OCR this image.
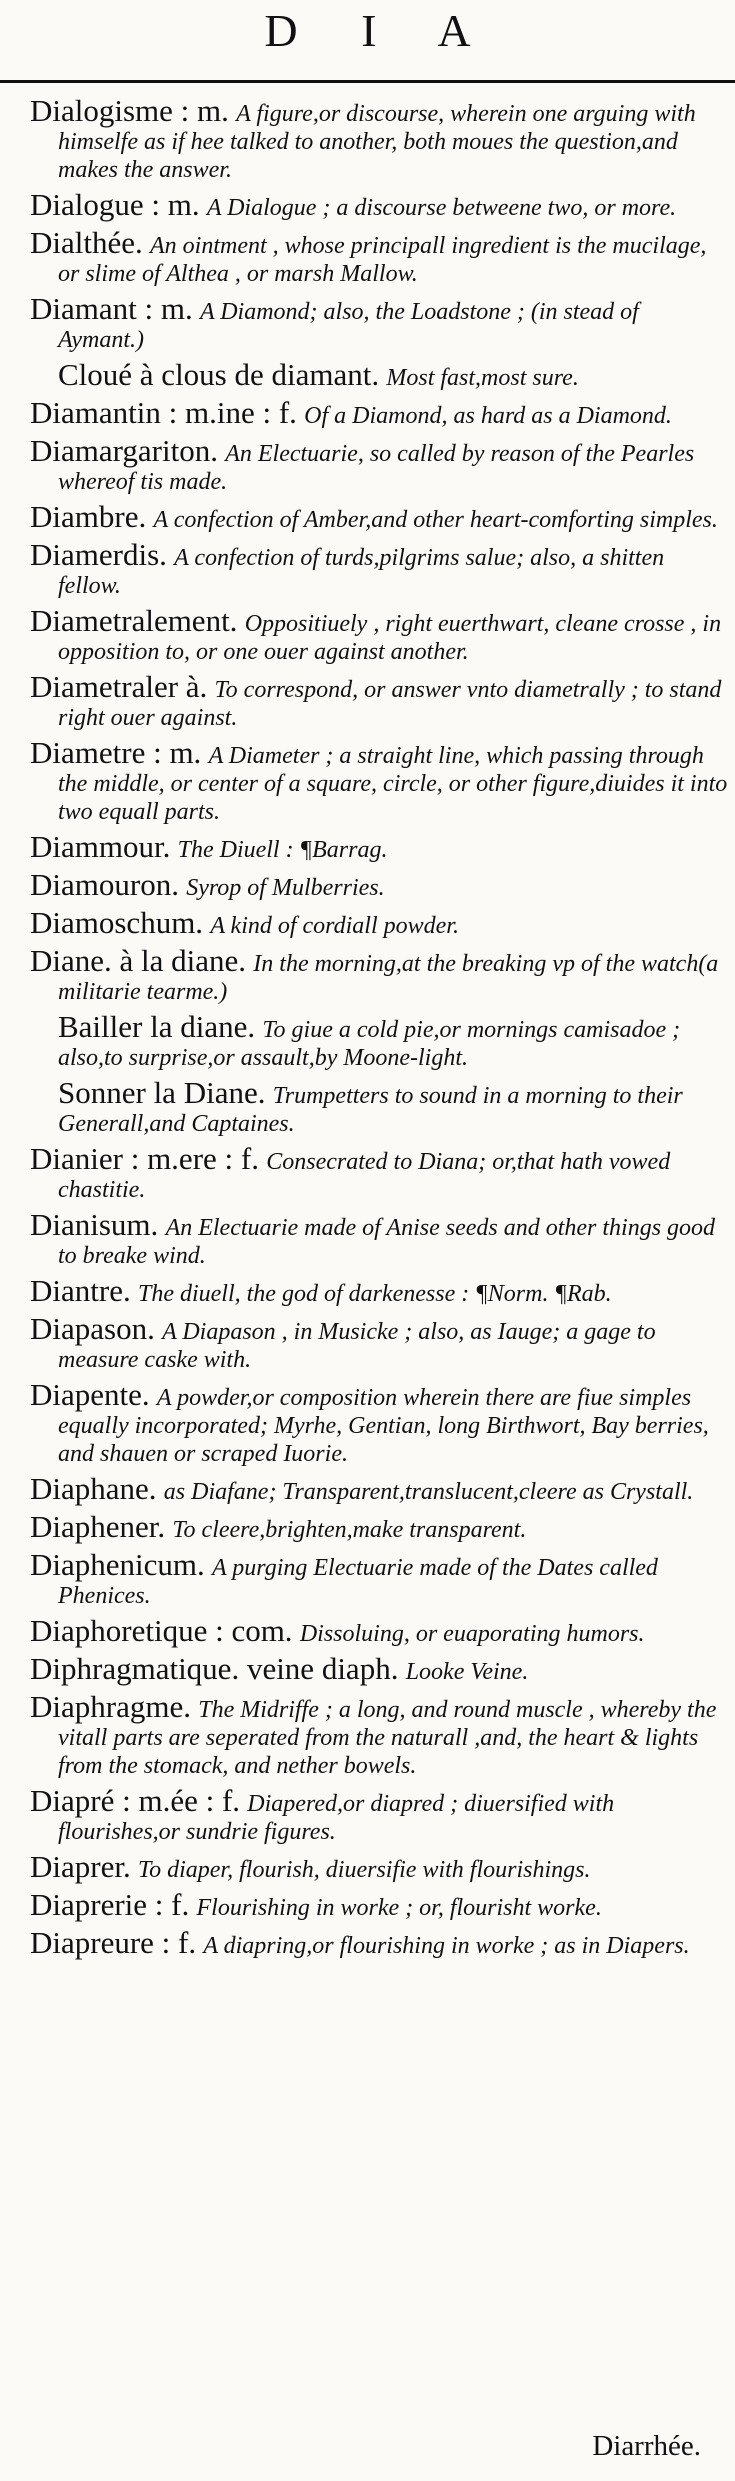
D I A
Dialogisme : m. A figure,or discourse, wherein one arguing with himselfe as if hee talked to another, both moues the question,and makes the answer.
Dialogue : m. A Dialogue ; a discourse betweene two, or more.
Dialthée. An ointment , whose principall ingredient is the mucilage, or slime of Althea , or marsh Mallow.
Diamant : m. A Diamond; also, the Loadstone ; (in stead of Aymant.)
Cloué à clous de diamant. Most fast,most sure.
Diamantin : m.ine : f. Of a Diamond, as hard as a Diamond.
Diamargariton. An Electuarie, so called by reason of the Pearles whereof tis made.
Diambre. A confection of Amber,and other heart-comforting simples.
Diamerdis. A confection of turds,pilgrims salue; also, a shitten fellow.
Diametralement. Oppositiuely , right euerthwart, cleane crosse , in opposition to, or one ouer against another.
Diametraler à. To correspond, or answer vnto diametrally ; to stand right ouer against.
Diametre : m. A Diameter ; a straight line, which passing through the middle, or center of a square, circle, or other figure,diuides it into two equall parts.
Diammour. The Diuell : ¶Barrag.
Diamouron. Syrop of Mulberries.
Diamoschum. A kind of cordiall powder.
Diane. à la diane. In the morning,at the breaking vp of the watch(a militarie tearme.)
Bailler la diane. To giue a cold pie,or mornings camisadoe ; also,to surprise,or assault,by Moone-light.
Sonner la Diane. Trumpetters to sound in a morning to their Generall,and Captaines.
Dianier : m.ere : f. Consecrated to Diana; or,that hath vowed chastitie.
Dianisum. An Electuarie made of Anise seeds and other things good to breake wind.
Diantre. The diuell, the god of darkenesse : ¶Norm. ¶Rab.
Diapason. A Diapason , in Musicke ; also, as Iauge; a gage to measure caske with.
Diapente. A powder,or composition wherein there are fiue simples equally incorporated; Myrhe, Gentian, long Birthwort, Bay berries, and shauen or scraped Iuorie.
Diaphane. as Diafane; Transparent,translucent,cleere as Crystall.
Diaphener. To cleere,brighten,make transparent.
Diaphenicum. A purging Electuarie made of the Dates called Phenices.
Diaphoretique : com. Dissoluing, or euaporating humors.
Diphragmatique. veine diaph. Looke Veine.
Diaphragme. The Midriffe ; a long, and round muscle , whereby the vitall parts are seperated from the naturall ,and, the heart & lights from the stomack, and nether bowels.
Diapré : m.ée : f. Diapered,or diapred ; diuersified with flourishes,or sundrie figures.
Diaprer. To diaper, flourish, diuersifie with flourishings.
Diaprerie : f. Flourishing in worke ; or, flourisht worke.
Diapreure : f. A diapring,or flourishing in worke ; as in Diapers.
Diarrhée.
